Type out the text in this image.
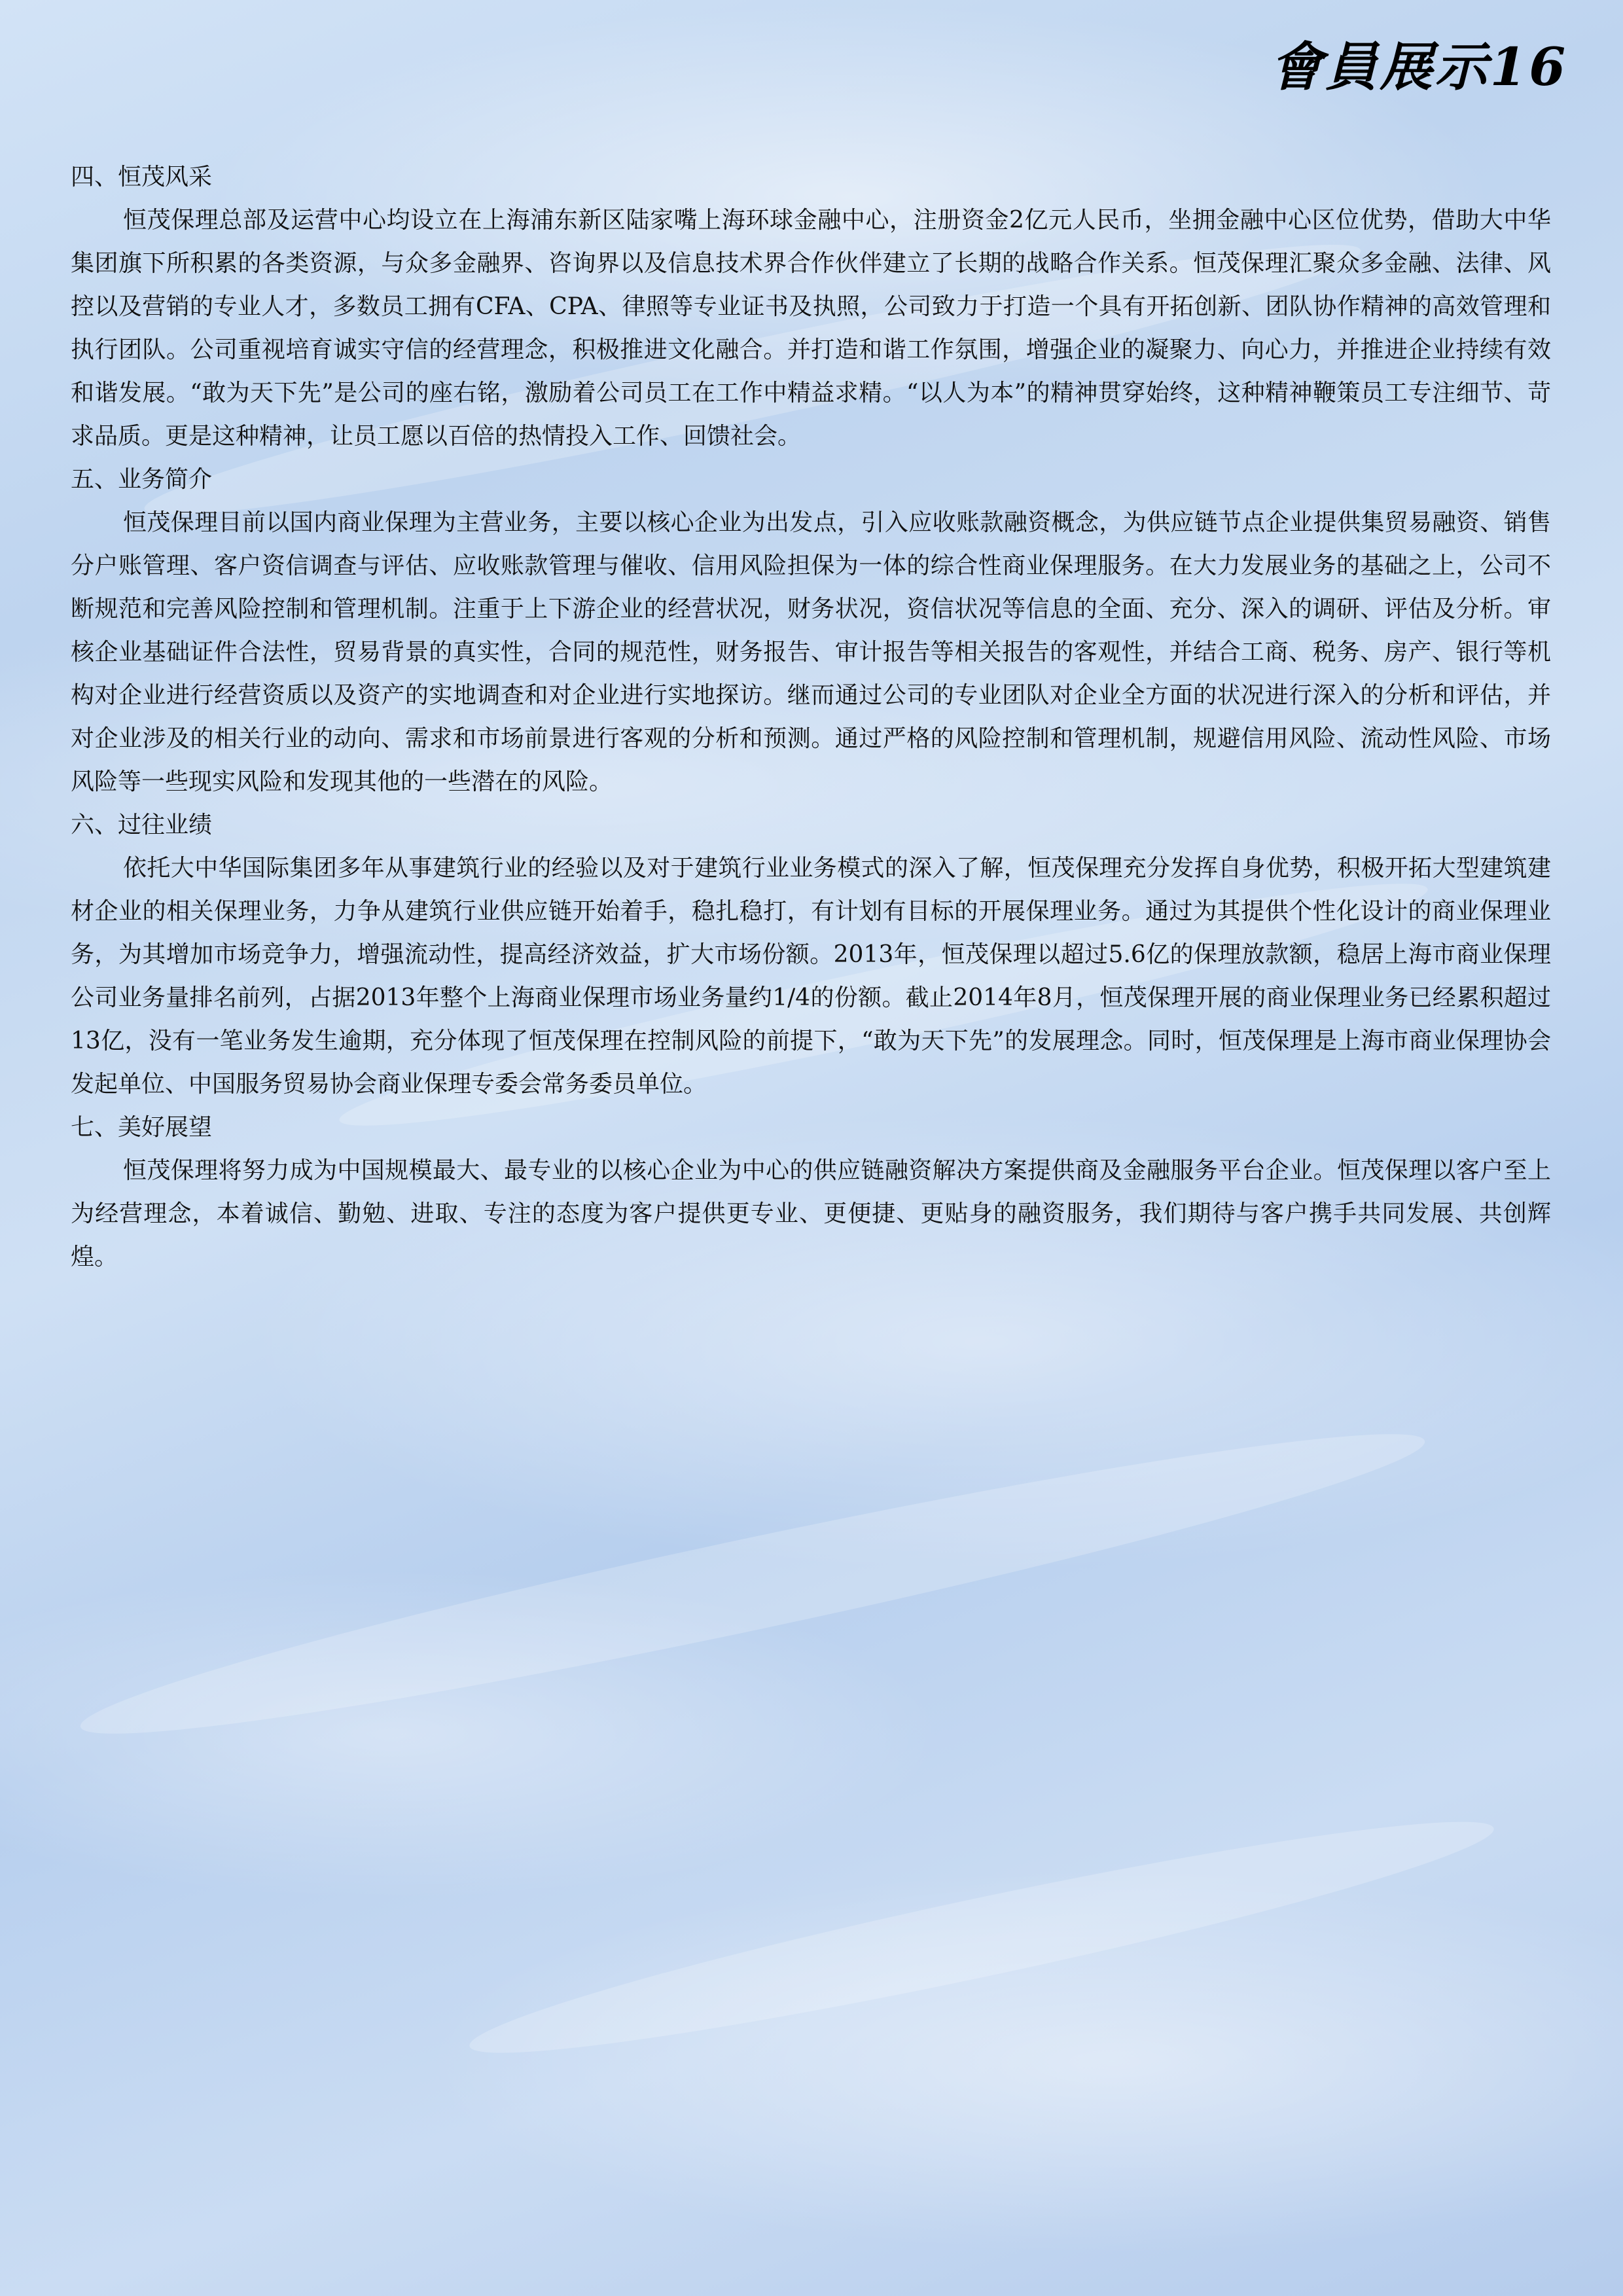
會員展示16
四、恒茂风采

恒茂保理总部及运营中心均设立在上海浦东新区陆家嘴上海环球金融中心，注册资金2亿元人民币，坐拥金融中心区位优势，借助大中华集团旗下所积累的各类资源，与众多金融界、咨询界以及信息技术界合作伙伴建立了长期的战略合作关系。恒茂保理汇聚众多金融、法律、风控以及营销的专业人才，多数员工拥有CFA、CPA、律照等专业证书及执照，公司致力于打造一个具有开拓创新、团队协作精神的高效管理和执行团队。公司重视培育诚实守信的经营理念，积极推进文化融合。并打造和谐工作氛围，增强企业的凝聚力、向心力，并推进企业持续有效和谐发展。“敢为天下先”是公司的座右铭，激励着公司员工在工作中精益求精。“以人为本”的精神贯穿始终，这种精神鞭策员工专注细节、苛求品质。更是这种精神，让员工愿以百倍的热情投入工作、回馈社会。

五、业务简介

恒茂保理目前以国内商业保理为主营业务，主要以核心企业为出发点，引入应收账款融资概念，为供应链节点企业提供集贸易融资、销售分户账管理、客户资信调查与评估、应收账款管理与催收、信用风险担保为一体的综合性商业保理服务。在大力发展业务的基础之上，公司不断规范和完善风险控制和管理机制。注重于上下游企业的经营状况，财务状况，资信状况等信息的全面、充分、深入的调研、评估及分析。审核企业基础证件合法性，贸易背景的真实性，合同的规范性，财务报告、审计报告等相关报告的客观性，并结合工商、税务、房产、银行等机构对企业进行经营资质以及资产的实地调查和对企业进行实地探访。继而通过公司的专业团队对企业全方面的状况进行深入的分析和评估，并对企业涉及的相关行业的动向、需求和市场前景进行客观的分析和预测。通过严格的风险控制和管理机制，规避信用风险、流动性风险、市场风险等一些现实风险和发现其他的一些潜在的风险。

六、过往业绩

依托大中华国际集团多年从事建筑行业的经验以及对于建筑行业业务模式的深入了解，恒茂保理充分发挥自身优势，积极开拓大型建筑建材企业的相关保理业务，力争从建筑行业供应链开始着手，稳扎稳打，有计划有目标的开展保理业务。通过为其提供个性化设计的商业保理业务，为其增加市场竞争力，增强流动性，提高经济效益，扩大市场份额。2013年，恒茂保理以超过5.6亿的保理放款额，稳居上海市商业保理公司业务量排名前列，占据2013年整个上海商业保理市场业务量约1/4的份额。截止2014年8月，恒茂保理开展的商业保理业务已经累积超过13亿，没有一笔业务发生逾期，充分体现了恒茂保理在控制风险的前提下，“敢为天下先”的发展理念。同时，恒茂保理是上海市商业保理协会发起单位、中国服务贸易协会商业保理专委会常务委员单位。

七、美好展望

恒茂保理将努力成为中国规模最大、最专业的以核心企业为中心的供应链融资解决方案提供商及金融服务平台企业。恒茂保理以客户至上为经营理念，本着诚信、勤勉、进取、专注的态度为客户提供更专业、更便捷、更贴身的融资服务，我们期待与客户携手共同发展、共创辉煌。
